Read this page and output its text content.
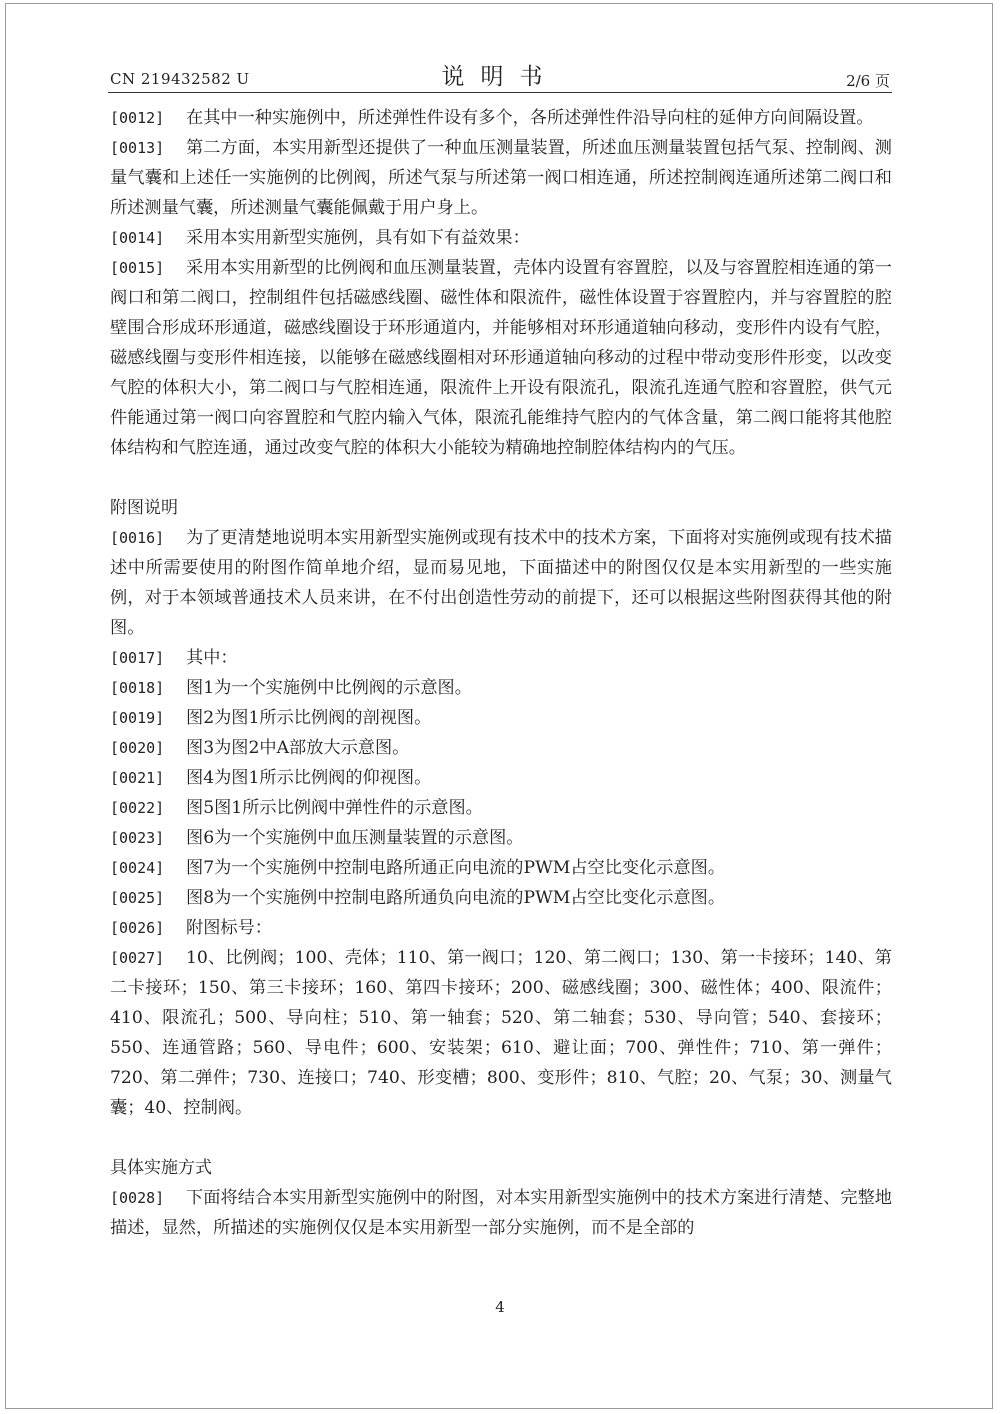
CN 219432582 U	说明书	2/6 页

[0012] 在其中一种实施例中，所述弹性件设有多个，各所述弹性件沿导向柱的延伸方向间隔设置。

[0013] 第二方面，本实用新型还提供了一种血压测量装置，所述血压测量装置包括气泵、控制阀、测量气囊和上述任一实施例的比例阀，所述气泵与所述第一阀口相连通，所述控制阀连通所述第二阀口和所述测量气囊，所述测量气囊能佩戴于用户身上。

[0014] 采用本实用新型实施例，具有如下有益效果：

[0015] 采用本实用新型的比例阀和血压测量装置，壳体内设置有容置腔，以及与容置腔相连通的第一阀口和第二阀口，控制组件包括磁感线圈、磁性体和限流件，磁性体设置于容置腔内，并与容置腔的腔壁围合形成环形通道，磁感线圈设于环形通道内，并能够相对环形通道轴向移动，变形件内设有气腔，磁感线圈与变形件相连接，以能够在磁感线圈相对环形通道轴向移动的过程中带动变形件形变，以改变气腔的体积大小，第二阀口与气腔相连通，限流件上开设有限流孔，限流孔连通气腔和容置腔，供气元件能通过第一阀口向容置腔和气腔内输入气体，限流孔能维持气腔内的气体含量，第二阀口能将其他腔体结构和气腔连通，通过改变气腔的体积大小能较为精确地控制腔体结构内的气压。

附图说明

[0016] 为了更清楚地说明本实用新型实施例或现有技术中的技术方案，下面将对实施例或现有技术描述中所需要使用的附图作简单地介绍，显而易见地，下面描述中的附图仅仅是本实用新型的一些实施例，对于本领域普通技术人员来讲，在不付出创造性劳动的前提下，还可以根据这些附图获得其他的附图。

[0017] 其中：

[0018] 图1为一个实施例中比例阀的示意图。

[0019] 图2为图1所示比例阀的剖视图。

[0020] 图3为图2中A部放大示意图。

[0021] 图4为图1所示比例阀的仰视图。

[0022] 图5图1所示比例阀中弹性件的示意图。

[0023] 图6为一个实施例中血压测量装置的示意图。

[0024] 图7为一个实施例中控制电路所通正向电流的PWM占空比变化示意图。

[0025] 图8为一个实施例中控制电路所通负向电流的PWM占空比变化示意图。

[0026] 附图标号：

[0027] 10、比例阀；100、壳体；110、第一阀口；120、第二阀口；130、第一卡接环；140、第二卡接环；150、第三卡接环；160、第四卡接环；200、磁感线圈；300、磁性体；400、限流件；410、限流孔；500、导向柱；510、第一轴套；520、第二轴套；530、导向管；540、套接环；550、连通管路；560、导电件；600、安装架；610、避让面；700、弹性件；710、第一弹件；720、第二弹件；730、连接口；740、形变槽；800、变形件；810、气腔；20、气泵；30、测量气囊；40、控制阀。

具体实施方式

[0028] 下面将结合本实用新型实施例中的附图，对本实用新型实施例中的技术方案进行清楚、完整地描述，显然，所描述的实施例仅仅是本实用新型一部分实施例，而不是全部的

4
